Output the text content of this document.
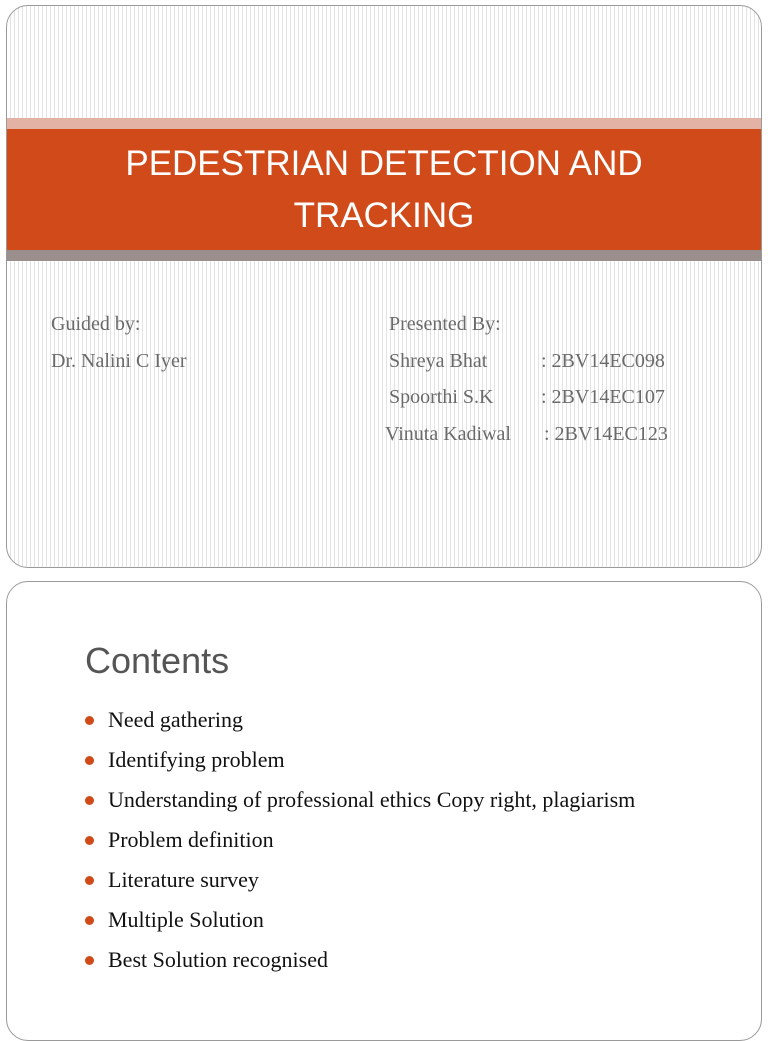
PEDESTRIAN DETECTION AND TRACKING
Guided by:
Dr. Nalini C Iyer
Presented By:
Shreya Bhat	: 2BV14EC098
Spoorthi S.K : 2BV14EC107
Vinuta Kadiwal : 2BV14EC123
Contents
Need gathering
Identifying problem
Understanding of professional ethics Copy right, plagiarism
Problem definition
Literature survey
Multiple Solution
Best Solution recognised
